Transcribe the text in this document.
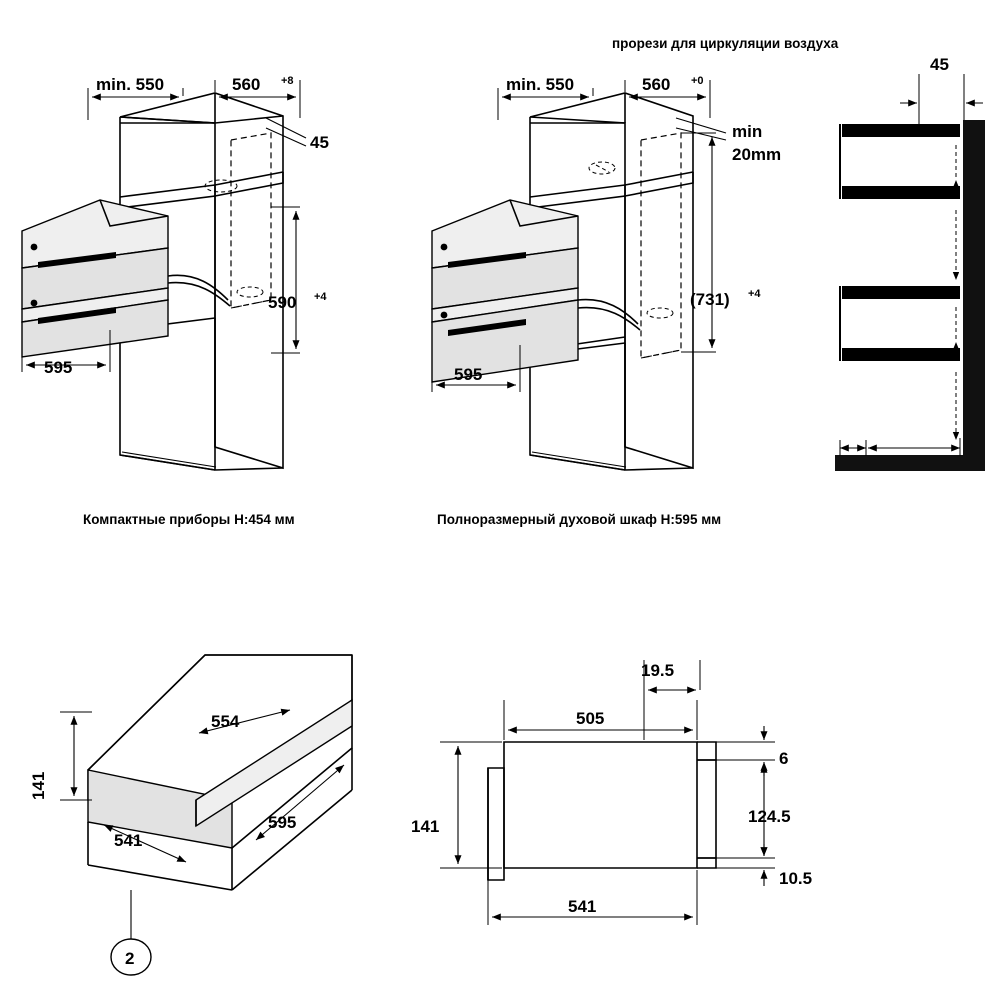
min. 550	560 +8
45
590 +4
595
Компактные приборы H:454 мм
прорези для циркуляции воздуха
min. 550	560 +0
min
20mm
(731) +4
595
Полноразмерный духовой шкаф H:595 мм
45
554
141
541
595
2
19.5
505
6
124.5
10.5
141
541
